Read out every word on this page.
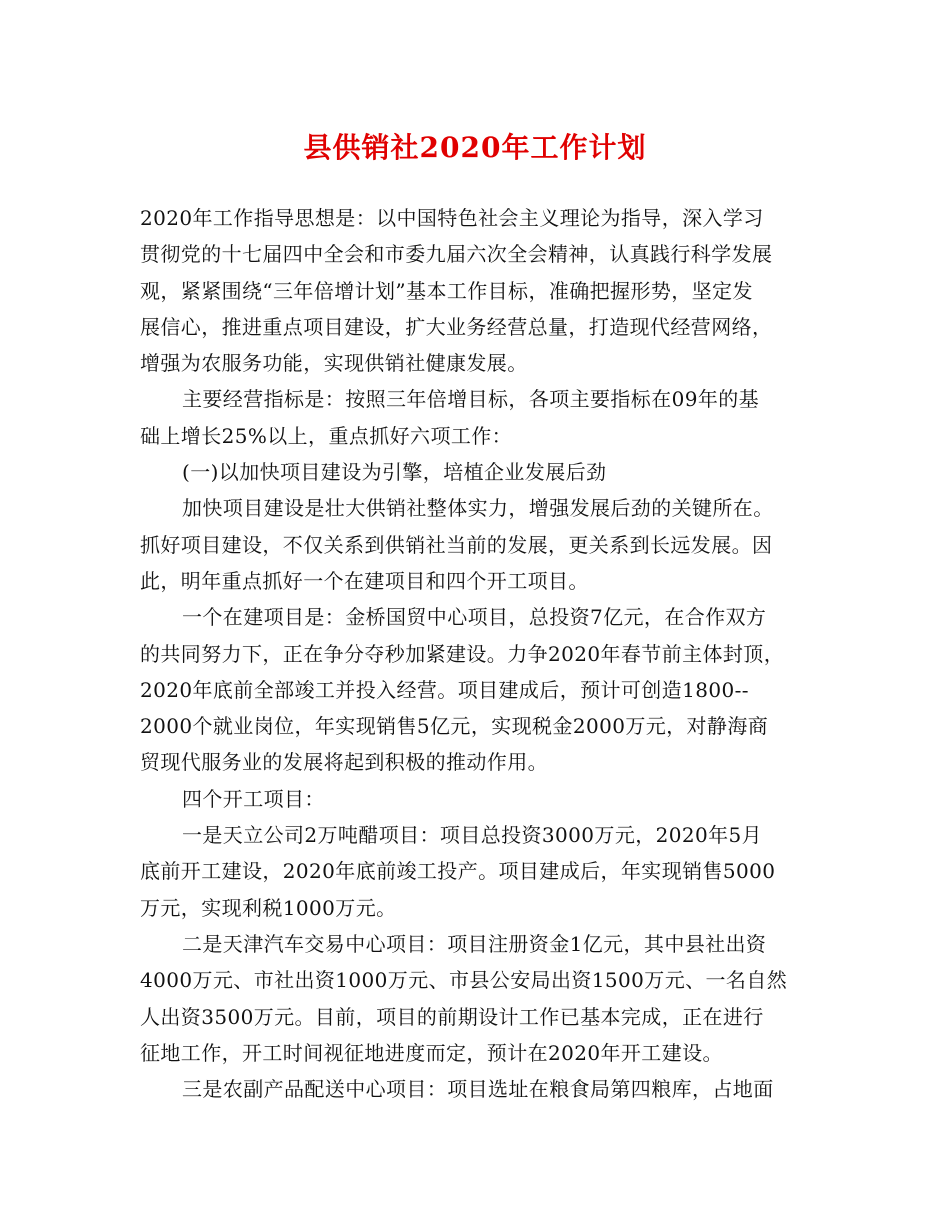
县供销社2020年工作计划
2020年工作指导思想是：以中国特色社会主义理论为指导，深入学习
贯彻党的十七届四中全会和市委九届六次全会精神，认真践行科学发展
观，紧紧围绕“三年倍增计划”基本工作目标，准确把握形势，坚定发
展信心，推进重点项目建设，扩大业务经营总量，打造现代经营网络，
增强为农服务功能，实现供销社健康发展。
主要经营指标是：按照三年倍增目标，各项主要指标在09年的基
础上增长25%以上，重点抓好六项工作：
(一)以加快项目建设为引擎，培植企业发展后劲
加快项目建设是壮大供销社整体实力，增强发展后劲的关键所在。
抓好项目建设，不仅关系到供销社当前的发展，更关系到长远发展。因
此，明年重点抓好一个在建项目和四个开工项目。
一个在建项目是：金桥国贸中心项目，总投资7亿元，在合作双方
的共同努力下，正在争分夺秒加紧建设。力争2020年春节前主体封顶，
2020年底前全部竣工并投入经营。项目建成后，预计可创造1800--
2000个就业岗位，年实现销售5亿元，实现税金2000万元，对静海商
贸现代服务业的发展将起到积极的推动作用。
四个开工项目：
一是天立公司2万吨醋项目：项目总投资3000万元，2020年5月
底前开工建设，2020年底前竣工投产。项目建成后，年实现销售5000
万元，实现利税1000万元。
二是天津汽车交易中心项目：项目注册资金1亿元，其中县社出资
4000万元、市社出资1000万元、市县公安局出资1500万元、一名自然
人出资3500万元。目前，项目的前期设计工作已基本完成，正在进行
征地工作，开工时间视征地进度而定，预计在2020年开工建设。
三是农副产品配送中心项目：项目选址在粮食局第四粮库，占地面
